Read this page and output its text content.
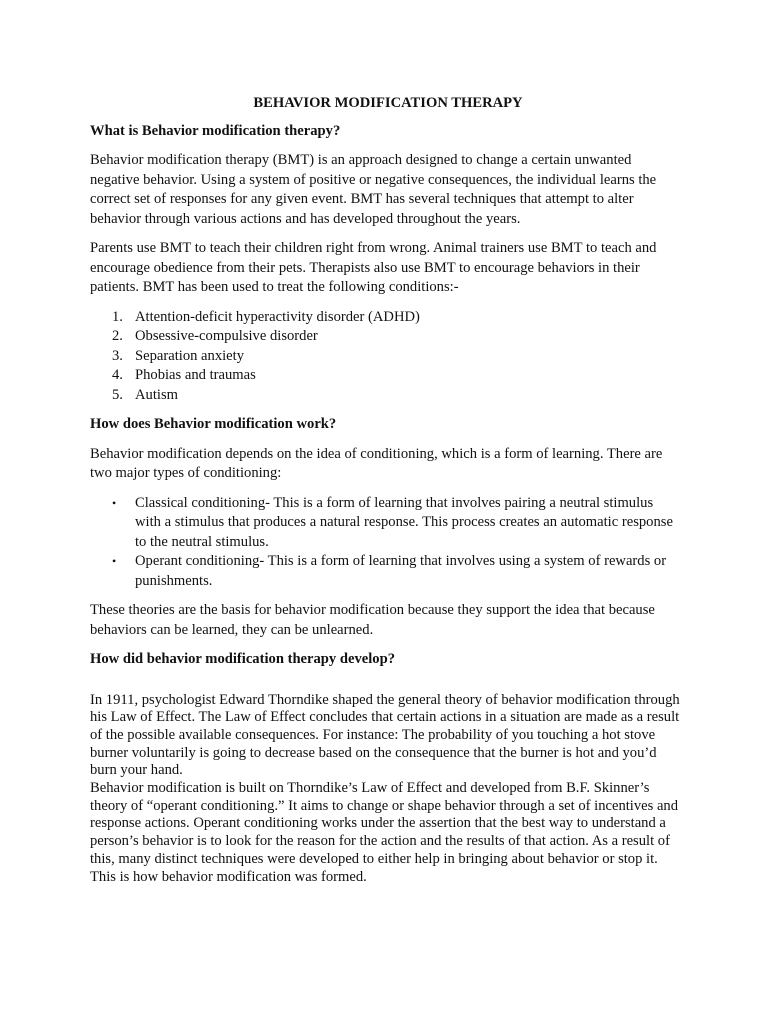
BEHAVIOR MODIFICATION THERAPY
What is Behavior modification therapy?

Behavior modification therapy (BMT) is an approach designed to change a certain unwanted negative behavior. Using a system of positive or negative consequences, the individual learns the correct set of responses for any given event. BMT has several techniques that attempt to alter behavior through various actions and has developed throughout the years.

Parents use BMT to teach their children right from wrong. Animal trainers use BMT to teach and encourage obedience from their pets. Therapists also use BMT to encourage behaviors in their patients. BMT has been used to treat the following conditions:-

1. Attention-deficit hyperactivity disorder (ADHD)
2. Obsessive-compulsive disorder
3. Separation anxiety
4. Phobias and traumas
5. Autism
How does Behavior modification work?

Behavior modification depends on the idea of conditioning, which is a form of learning. There are two major types of conditioning:

• Classical conditioning- This is a form of learning that involves pairing a neutral stimulus with a stimulus that produces a natural response. This process creates an automatic response to the neutral stimulus.
• Operant conditioning- This is a form of learning that involves using a system of rewards or punishments.

These theories are the basis for behavior modification because they support the idea that because behaviors can be learned, they can be unlearned.

How did behavior modification therapy develop?

In 1911, psychologist Edward Thorndike shaped the general theory of behavior modification through his Law of Effect. The Law of Effect concludes that certain actions in a situation are made as a result of the possible available consequences. For instance: The probability of you touching a hot stove burner voluntarily is going to decrease based on the consequence that the burner is hot and you’d burn your hand.

Behavior modification is built on Thorndike’s Law of Effect and developed from B.F. Skinner’s theory of “operant conditioning.” It aims to change or shape behavior through a set of incentives and response actions. Operant conditioning works under the assertion that the best way to understand a person’s behavior is to look for the reason for the action and the results of that action. As a result of this, many distinct techniques were developed to either help in bringing about behavior or stop it. This is how behavior modification was formed.
